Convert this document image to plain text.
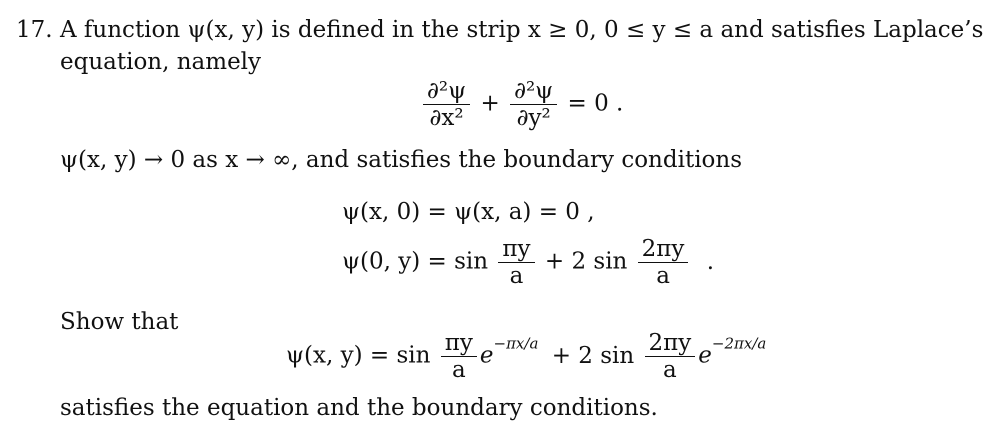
17. A function ψ(x, y) is defined in the strip x ≥ 0, 0 ≤ y ≤ a and satisfies Laplace’s
equation, namely
$\frac{\text{∂²ψ}}{\text{∂x²}} + \frac{\text{∂²ψ}}{\text{∂y²}} = 0$ .
ψ(x, y) → 0 as x → ∞, and satisfies the boundary conditions
ψ(x, 0) = ψ(x, a) = 0 ,
ψ(0, $y) = \sin \frac{\pi y}{a} + 2$ $\sin \frac{2\pi y}{a}$ .
Show that
ψ(x, $y) = \sin \frac{\pi y}{a} e^{-\pi x/a} + 2$ $\sin \frac{2\pi y}{a} e^{-2\pi x/a}$
satisfies the equation and the boundary conditions.
